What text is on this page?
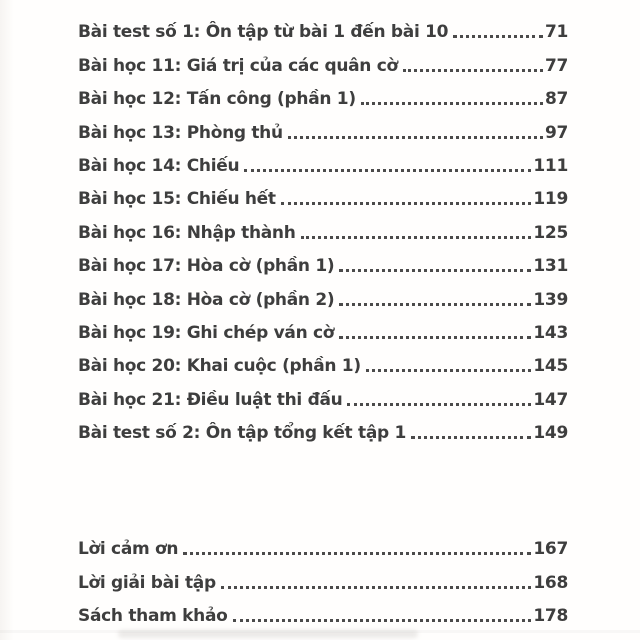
Bài test số 1: Ôn tập từ bài 1 đến bài 10	71
Bài học 11: Giá trị của các quân cờ	77
Bài học 12: Tấn công (phần 1)	87
Bài học 13: Phòng thủ	97
Bài học 14: Chiếu	111
Bài học 15: Chiếu hết	119
Bài học 16: Nhập thành	125
Bài học 17: Hòa cờ (phần 1)	131
Bài học 18: Hòa cờ (phần 2)	139
Bài học 19: Ghi chép ván cờ	143
Bài học 20: Khai cuộc (phần 1)	145
Bài học 21: Điều luật thi đấu	147
Bài test số 2: Ôn tập tổng kết tập 1	149
Lời cảm ơn	167
Lời giải bài tập	168
Sách tham khảo	178
